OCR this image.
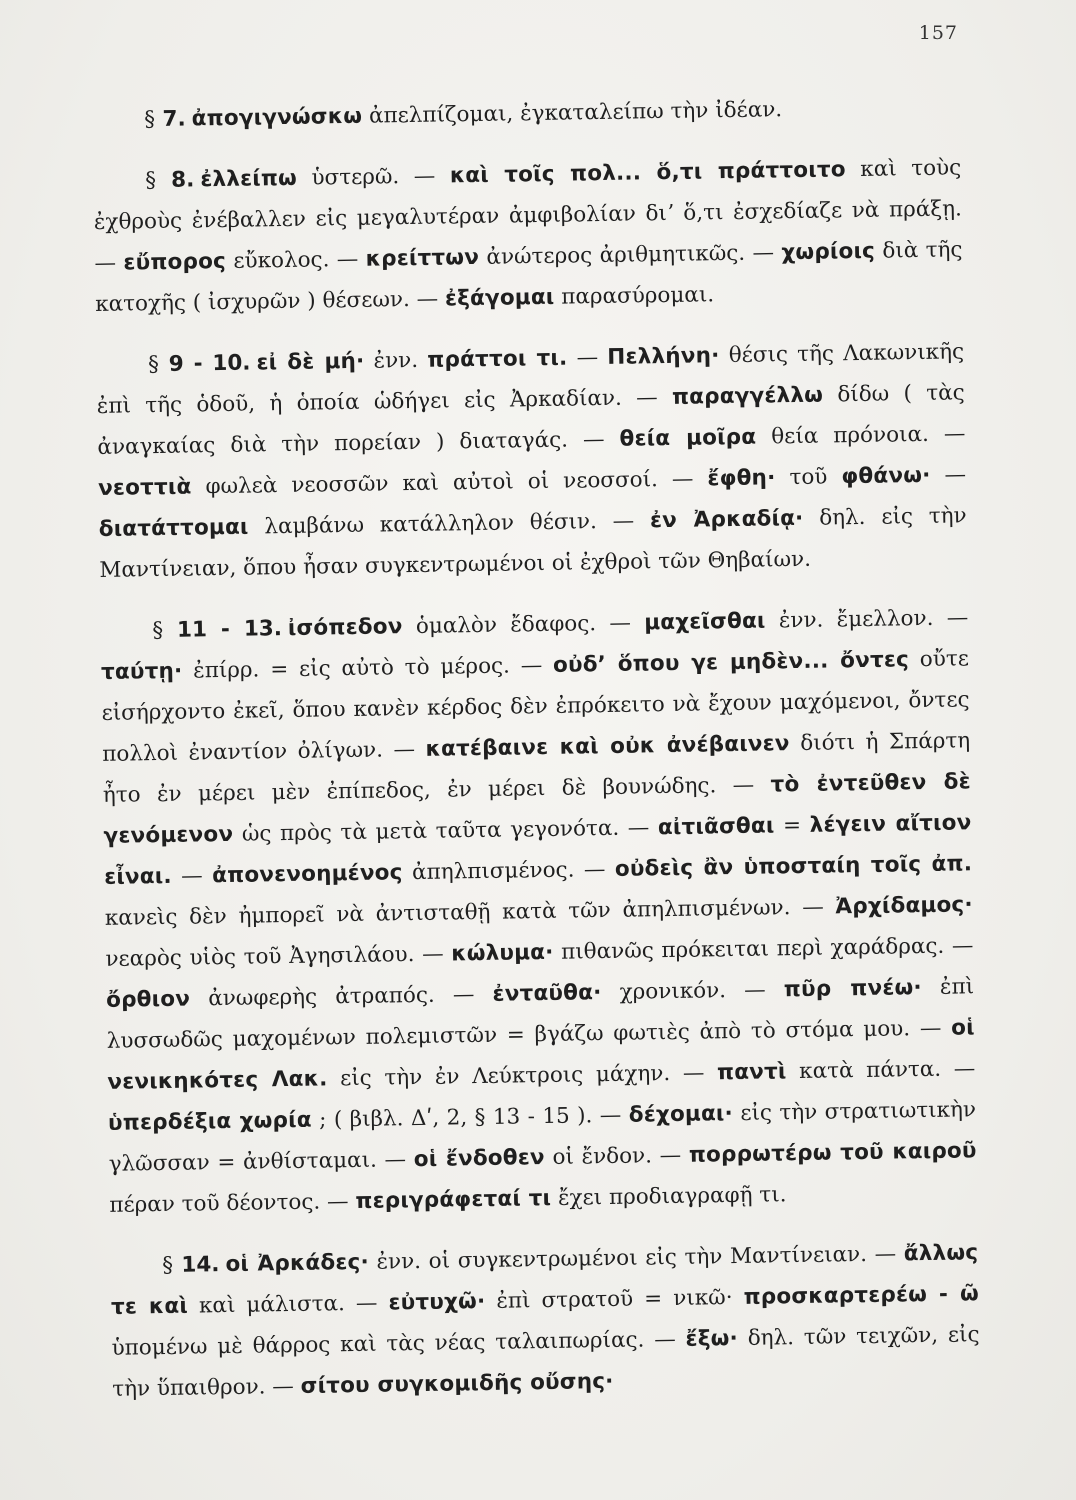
157

§ 7. ἀπογιγνώσκω ἀπελπίζομαι, ἐγκαταλείπω τὴν ἰδέαν.

§ 8. ἐλλείπω ὑστερῶ. — καὶ τοῖς πολ... ὅ,τι πράττοιτο καὶ τοὺς ἐχθροὺς ἐνέβαλλεν εἰς μεγαλυτέραν ἀμφιβολίαν διʼ ὅ,τι ἐσχεδίαζε νὰ πράξῃ. — εὔπορος εὔκολος. — κρείττων ἀνώτερος ἀριθμητικῶς. — χωρίοις διὰ τῆς κατοχῆς ( ἰσχυρῶν ) θέσεων. — ἐξάγομαι παρασύρομαι.

§ 9 - 10. εἰ δὲ μή· ἐνν. πράττοι τι. — Πελλήνη· θέσις τῆς Λακωνικῆς ἐπὶ τῆς ὁδοῦ, ἡ ὁποία ὡδήγει εἰς Ἀρκαδίαν. — παραγγέλλω δίδω ( τὰς ἀναγκαίας διὰ τὴν πορείαν ) διαταγάς. — θεία μοῖρα θεία πρόνοια. — νεοττιὰ φωλεὰ νεοσσῶν καὶ αὐτοὶ οἱ νεοσσοί. — ἔφθη· τοῦ φθάνω· — διατάττομαι λαμβάνω κατάλληλον θέσιν. — ἐν Ἀρκαδίᾳ· δηλ. εἰς τὴν Μαντίνειαν, ὅπου ἦσαν συγκεντρωμένοι οἱ ἐχθροὶ τῶν Θηβαίων.

§ 11 - 13. ἰσόπεδον ὁμαλὸν ἔδαφος. — μαχεῖσθαι ἐνν. ἔμελλον. — ταύτῃ· ἐπίρρ. = εἰς αὐτὸ τὸ μέρος. — οὐδʼ ὅπου γε μηδὲν... ὄντες οὔτε εἰσήρχοντο ἐκεῖ, ὅπου κανὲν κέρδος δὲν ἐπρόκειτο νὰ ἔχουν μαχόμενοι, ὄντες πολλοὶ ἐναντίον ὀλίγων. — κατέβαινε καὶ οὐκ ἀνέβαινεν διότι ἡ Σπάρτη ἦτο ἐν μέρει μὲν ἐπίπεδος, ἐν μέρει δὲ βουνώδης. — τὸ ἐντεῦθεν δὲ γενόμενον ὡς πρὸς τὰ μετὰ ταῦτα γεγονότα. — αἰτιᾶσθαι = λέγειν αἴτιον εἶναι. — ἀπονενοημένος ἀπηλπισμένος. — οὐδεὶς ἂν ὑποσταίη τοῖς ἀπ. κανεὶς δὲν ἠμπορεῖ νὰ ἀντισταθῇ κατὰ τῶν ἀπηλπισμένων. — Ἀρχίδαμος· νεαρὸς υἱὸς τοῦ Ἀγησιλάου. — κώλυμα· πιθανῶς πρόκειται περὶ χαράδρας. — ὄρθιον ἀνωφερὴς ἀτραπός. — ἐνταῦθα· χρονικόν. — πῦρ πνέω· ἐπὶ λυσσωδῶς μαχομένων πολεμιστῶν = βγάζω φωτιὲς ἀπὸ τὸ στόμα μου. — οἱ νενικηκότες Λακ. εἰς τὴν ἐν Λεύκτροις μάχην. — παντὶ κατὰ πάντα. — ὑπερδέξια χωρία ; ( βιβλ. Δʹ, 2, § 13 - 15 ). — δέχομαι· εἰς τὴν στρατιωτικὴν γλῶσσαν = ἀνθίσταμαι. — οἱ ἔνδοθεν οἱ ἔνδον. — πορρωτέρω τοῦ καιροῦ πέραν τοῦ δέοντος. — περιγράφεταί τι ἔχει προδιαγραφῇ τι.

§ 14. οἱ Ἀρκάδες· ἐνν. οἱ συγκεντρωμένοι εἰς τὴν Μαντίνειαν. — ἄλλως τε καὶ καὶ μάλιστα. — εὐτυχῶ· ἐπὶ στρατοῦ = νικῶ· προσκαρτερέω - ῶ ὑπομένω μὲ θάρρος καὶ τὰς νέας ταλαιπωρίας. — ἔξω· δηλ. τῶν τειχῶν, εἰς τὴν ὕπαιθρον. — σίτου συγκομιδῆς οὔσης·
